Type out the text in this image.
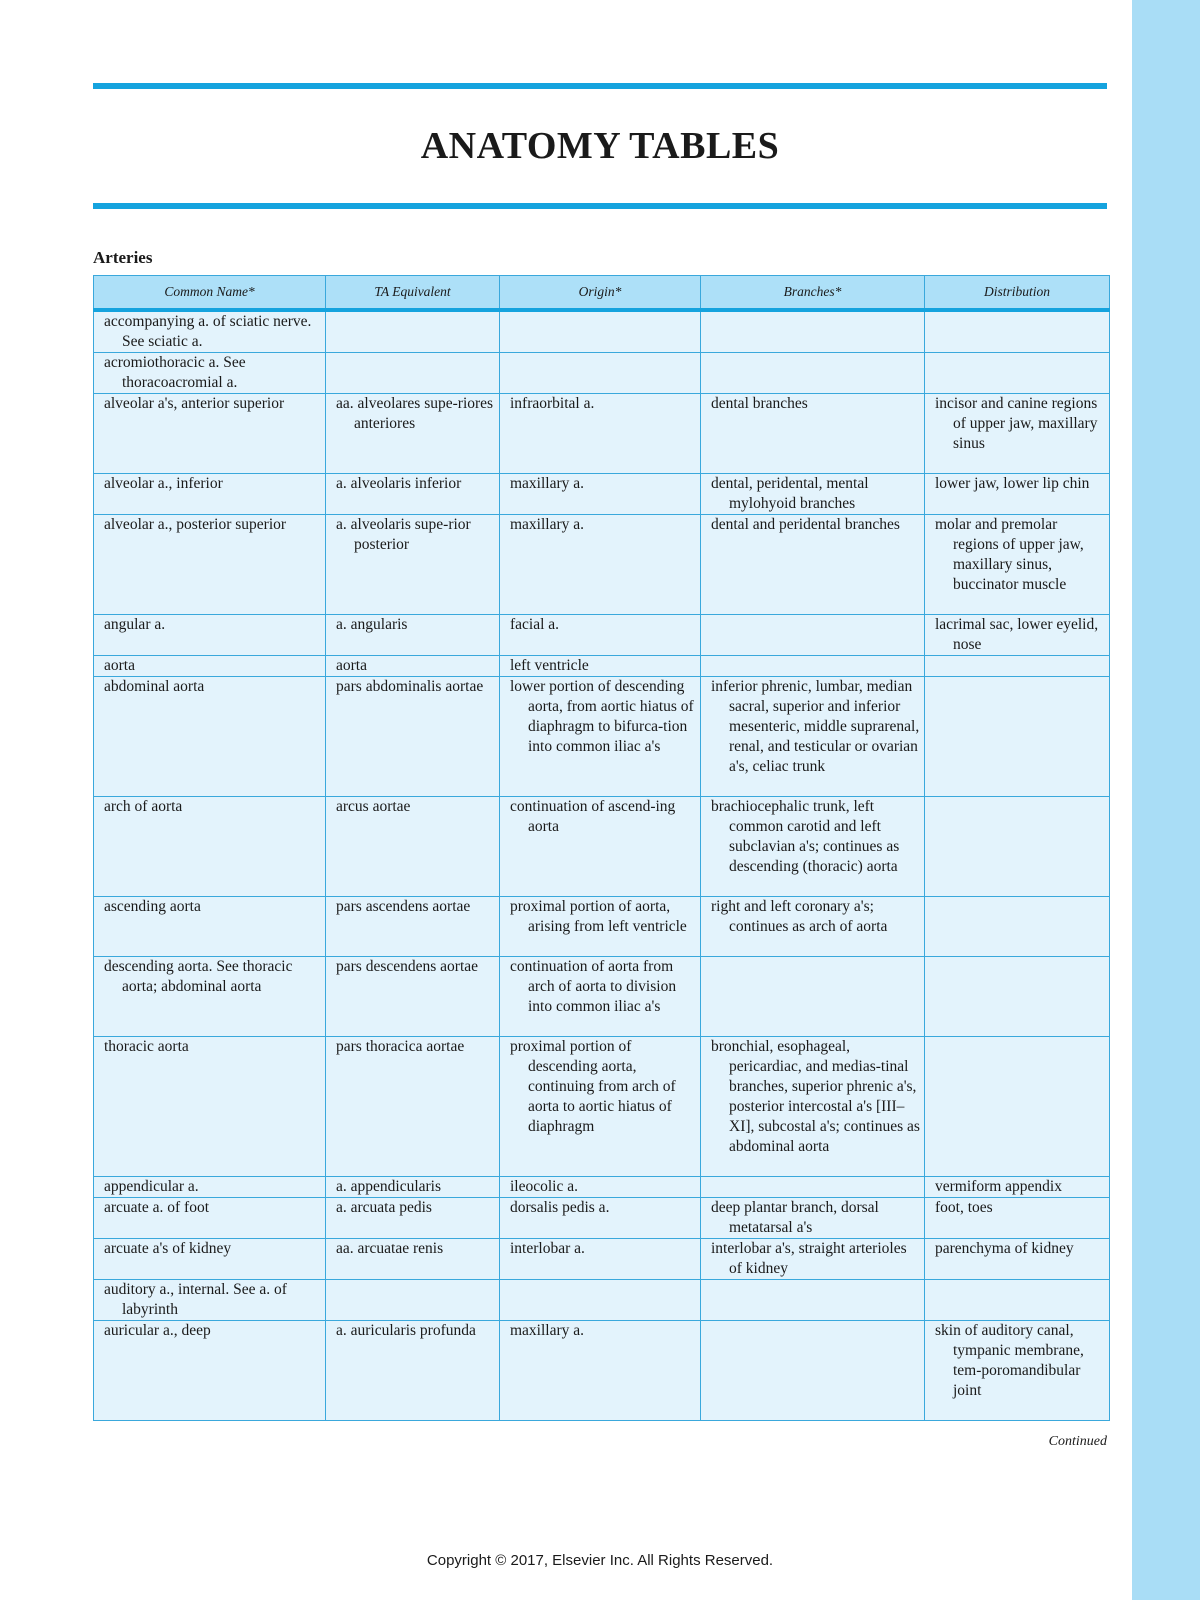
ANATOMY TABLES
Arteries
Common Name*	TA Equivalent	Origin*	Branches*	Distribution

accompanying a. of sciatic nerve. See sciatic a.				

acromiothoracic a. See thoracoacromial a.				

alveolar a's, anterior superior	aa. alveolares supe-riores anteriores	infraorbital a.	dental branches	incisor and canine regions of upper jaw, maxillary sinus

alveolar a., inferior	a. alveolaris inferior	maxillary a.	dental, peridental, mental mylohyoid branches	lower jaw, lower lip chin

alveolar a., posterior superior	a. alveolaris supe-rior posterior	maxillary a.	dental and peridental branches	molar and premolar regions of upper jaw, maxillary sinus, buccinator muscle

angular a.	a. angularis	facial a.		lacrimal sac, lower eyelid, nose

aorta	aorta	left ventricle		

abdominal aorta	pars abdominalis aortae	lower portion of descending aorta, from aortic hiatus of diaphragm to bifurca-tion into common iliac a's	inferior phrenic, lumbar, median sacral, superior and inferior mesenteric, middle suprarenal, renal, and testicular or ovarian a's, celiac trunk	

arch of aorta	arcus aortae	continuation of ascend-ing aorta	brachiocephalic trunk, left common carotid and left subclavian a's; continues as descending (thoracic) aorta	

ascending aorta	pars ascendens aortae	proximal portion of aorta, arising from left ventricle	right and left coronary a's; continues as arch of aorta	

descending aorta. See thoracic aorta; abdominal aorta	pars descendens aortae	continuation of aorta from arch of aorta to division into common iliac a's		

thoracic aorta	pars thoracica aortae	proximal portion of descending aorta, continuing from arch of aorta to aortic hiatus of diaphragm	bronchial, esophageal, pericardiac, and medias-tinal branches, superior phrenic a's, posterior intercostal a's [III–XI], subcostal a's; continues as abdominal aorta	

appendicular a.	a. appendicularis	ileocolic a.		vermiform appendix

arcuate a. of foot	a. arcuata pedis	dorsalis pedis a.	deep plantar branch, dorsal metatarsal a's	foot, toes

arcuate a's of kidney	aa. arcuatae renis	interlobar a.	interlobar a's, straight arterioles of kidney	parenchyma of kidney

auditory a., internal. See a. of labyrinth				

auricular a., deep	a. auricularis profunda	maxillary a.		skin of auditory canal, tympanic membrane, tem-poromandibular joint
Continued
Copyright © 2017, Elsevier Inc. All Rights Reserved.
